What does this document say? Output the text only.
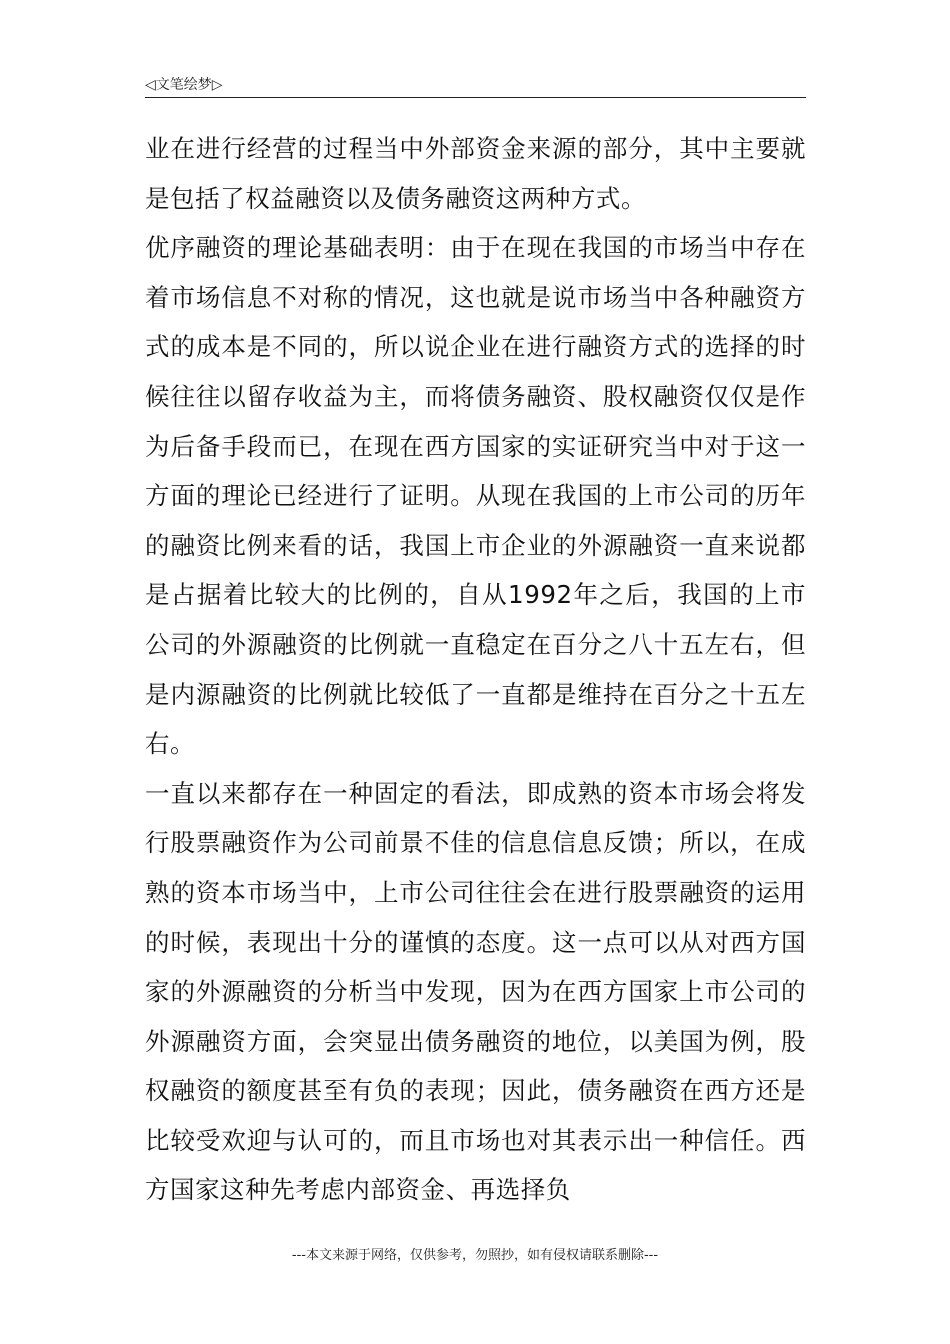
◁文笔绘梦▷

业在进行经营的过程当中外部资金来源的部分，其中主要就是包括了权益融资以及债务融资这两种方式。

优序融资的理论基础表明：由于在现在我国的市场当中存在着市场信息不对称的情况，这也就是说市场当中各种融资方式的成本是不同的，所以说企业在进行融资方式的选择的时候往往以留存收益为主，而将债务融资、股权融资仅仅是作为后备手段而已，在现在西方国家的实证研究当中对于这一方面的理论已经进行了证明。从现在我国的上市公司的历年的融资比例来看的话，我国上市企业的外源融资一直来说都是占据着比较大的比例的，自从1992年之后，我国的上市公司的外源融资的比例就一直稳定在百分之八十五左右，但是内源融资的比例就比较低了一直都是维持在百分之十五左右。

一直以来都存在一种固定的看法，即成熟的资本市场会将发行股票融资作为公司前景不佳的信息信息反馈；所以，在成熟的资本市场当中，上市公司往往会在进行股票融资的运用的时候，表现出十分的谨慎的态度。这一点可以从对西方国家的外源融资的分析当中发现，因为在西方国家上市公司的外源融资方面，会突显出债务融资的地位，以美国为例，股权融资的额度甚至有负的表现；因此，债务融资在西方还是比较受欢迎与认可的，而且市场也对其表示出一种信任。西方国家这种先考虑内部资金、再选择负

---本文来源于网络，仅供参考，勿照抄，如有侵权请联系删除---
